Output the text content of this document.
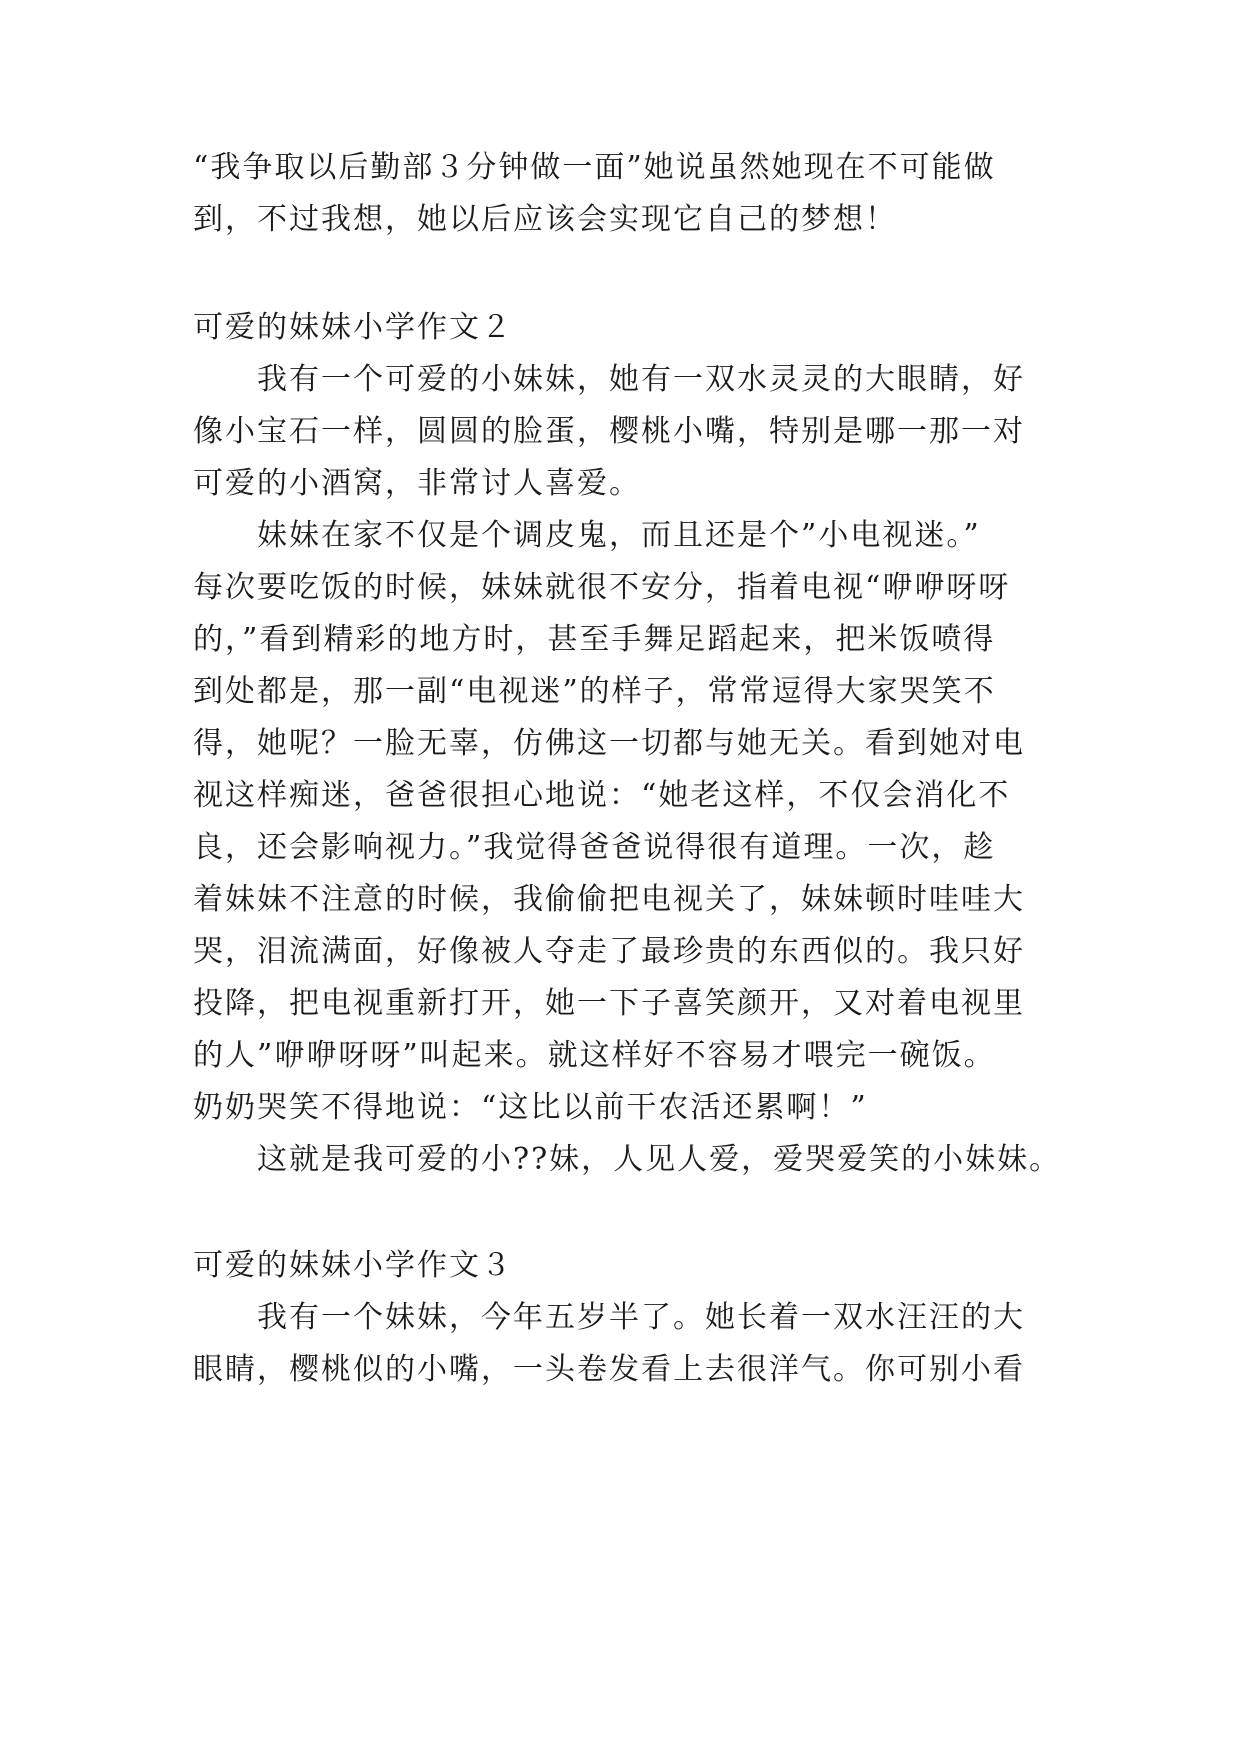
“我争取以后勤部３分钟做一面”她说虽然她现在不可能做
到，不过我想，她以后应该会实现它自己的梦想！
可爱的妹妹小学作文２
我有一个可爱的小妹妹，她有一双水灵灵的大眼睛，好
像小宝石一样，圆圆的脸蛋，樱桃小嘴，特别是哪一那一对
可爱的小酒窝，非常讨人喜爱。
妹妹在家不仅是个调皮鬼，而且还是个”小电视迷。”
每次要吃饭的时候，妹妹就很不安分，指着电视“咿咿呀呀
的，”看到精彩的地方时，甚至手舞足蹈起来，把米饭喷得
到处都是，那一副“电视迷”的样子，常常逗得大家哭笑不
得，她呢？一脸无辜，仿佛这一切都与她无关。看到她对电
视这样痴迷，爸爸很担心地说：“她老这样，不仅会消化不
良，还会影响视力。”我觉得爸爸说得很有道理。一次，趁
着妹妹不注意的时候，我偷偷把电视关了，妹妹顿时哇哇大
哭，泪流满面，好像被人夺走了最珍贵的东西似的。我只好
投降，把电视重新打开，她一下子喜笑颜开，又对着电视里
的人”咿咿呀呀”叫起来。就这样好不容易才喂完一碗饭。
奶奶哭笑不得地说：“这比以前干农活还累啊！”
这就是我可爱的小??妹，人见人爱，爱哭爱笑的小妹妹。
可爱的妹妹小学作文３
我有一个妹妹，今年五岁半了。她长着一双水汪汪的大
眼睛，樱桃似的小嘴，一头卷发看上去很洋气。你可别小看
